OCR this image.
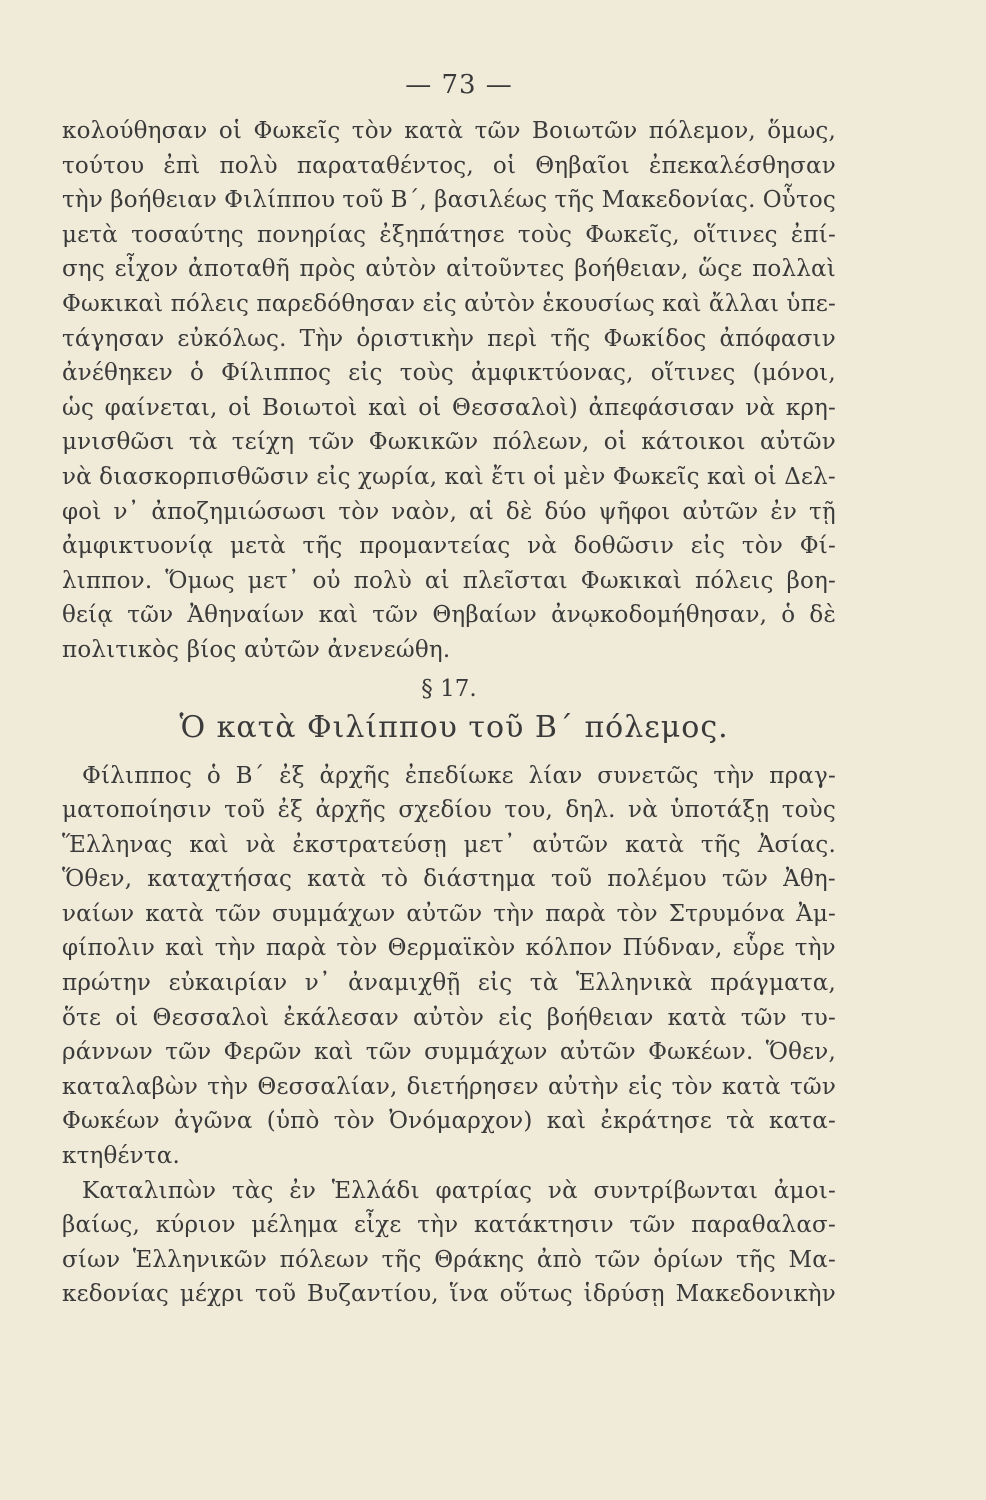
— 73 —
κολούθησαν οἱ Φωκεῖς τὸν κατὰ τῶν Βοιωτῶν πόλεμον, ὅμως,
τούτου ἐπὶ πολὺ παραταθέντος, οἱ Θηβαῖοι ἐπεκαλέσθησαν
τὴν βοήθειαν Φιλίππου τοῦ Β΄, βασιλέως τῆς Μακεδονίας. Οὗτος
μετὰ τοσαύτης πονηρίας ἐξηπάτησε τοὺς Φωκεῖς, οἵτινες ἐπί-
σης εἶχον ἀποταθῆ πρὸς αὐτὸν αἰτοῦντες βοήθειαν, ὥςε πολλαὶ
Φωκικαὶ πόλεις παρεδόθησαν εἰς αὐτὸν ἑκουσίως καὶ ἄλλαι ὑπε-
τάγησαν εὐκόλως. Τὴν ὁριστικὴν περὶ τῆς Φωκίδος ἀπόφασιν
ἀνέθηκεν ὁ Φίλιππος εἰς τοὺς ἀμφικτύονας, οἵτινες (μόνοι,
ὡς φαίνεται, οἱ Βοιωτοὶ καὶ οἱ Θεσσαλοὶ) ἀπεφάσισαν νὰ κρη-
μνισθῶσι τὰ τείχη τῶν Φωκικῶν πόλεων, οἱ κάτοικοι αὐτῶν
νὰ διασκορπισθῶσιν εἰς χωρία, καὶ ἔτι οἱ μὲν Φωκεῖς καὶ οἱ Δελ-
φοὶ ν᾽ ἀποζημιώσωσι τὸν ναὸν, αἱ δὲ δύο ψῆφοι αὐτῶν ἐν τῇ
ἀμφικτυονίᾳ μετὰ τῆς προμαντείας νὰ δοθῶσιν εἰς τὸν Φί-
λιππον. Ὅμως μετ᾽ οὐ πολὺ αἱ πλεῖσται Φωκικαὶ πόλεις βοη-
θείᾳ τῶν Ἀθηναίων καὶ τῶν Θηβαίων ἀνῳκοδομήθησαν, ὁ δὲ
πολιτικὸς βίος αὐτῶν ἀνενεώθη.
§ 17.
Ὁ κατὰ Φιλίππου τοῦ Β΄ πόλεμος.
Φίλιππος ὁ Β΄ ἐξ ἀρχῆς ἐπεδίωκε λίαν συνετῶς τὴν πραγ-
ματοποίησιν τοῦ ἐξ ἀρχῆς σχεδίου του, δηλ. νὰ ὑποτάξῃ τοὺς
Ἕλληνας καὶ νὰ ἐκστρατεύσῃ μετ᾽ αὐτῶν κατὰ τῆς Ἀσίας.
Ὅθεν, καταχτήσας κατὰ τὸ διάστημα τοῦ πολέμου τῶν Ἀθη-
ναίων κατὰ τῶν συμμάχων αὐτῶν τὴν παρὰ τὸν Στρυμόνα Ἀμ-
φίπολιν καὶ τὴν παρὰ τὸν Θερμαϊκὸν κόλπον Πύδναν, εὗρε τὴν
πρώτην εὐκαιρίαν ν᾽ ἀναμιχθῇ εἰς τὰ Ἑλληνικὰ πράγματα,
ὅτε οἱ Θεσσαλοὶ ἐκάλεσαν αὐτὸν εἰς βοήθειαν κατὰ τῶν τυ-
ράννων τῶν Φερῶν καὶ τῶν συμμάχων αὐτῶν Φωκέων. Ὅθεν,
καταλαβὼν τὴν Θεσσαλίαν, διετήρησεν αὐτὴν εἰς τὸν κατὰ τῶν
Φωκέων ἀγῶνα (ὑπὸ τὸν Ὀνόμαρχον) καὶ ἐκράτησε τὰ κατα-
κτηθέντα.
Καταλιπὼν τὰς ἐν Ἑλλάδι φατρίας νὰ συντρίβωνται ἀμοι-
βαίως, κύριον μέλημα εἶχε τὴν κατάκτησιν τῶν παραθαλασ-
σίων Ἑλληνικῶν πόλεων τῆς Θράκης ἀπὸ τῶν ὁρίων τῆς Μα-
κεδονίας μέχρι τοῦ Βυζαντίου, ἵνα οὕτως ἱδρύσῃ Μακεδονικὴν
